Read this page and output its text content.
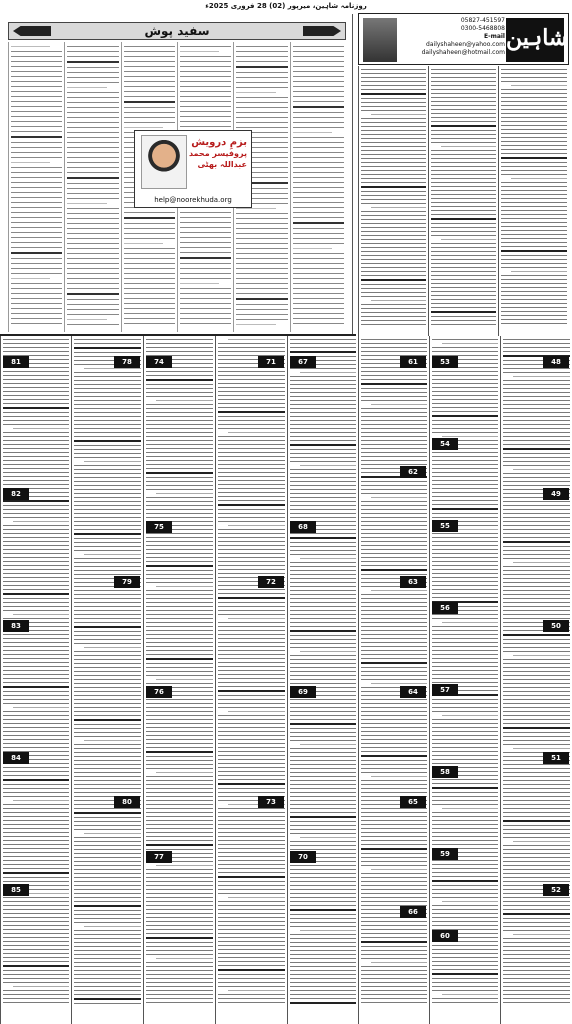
روزنامہ شاہین، میرپور (02) 28 فروری 2025ء
05827-451597
0300-5468808
E-mail
dailyshaheen@yahoo.com
dailyshaheen@hotmail.com
شاہین
سفید پوش
بزمِ درویش
پروفیسر محمد عبداللہ بھٹی
help@noorekhuda.org
81
82
83
84
85
78
79
80
74
75
76
77
71
72
73
67
68
69
70
61
62
63
64
65
66
53
54
55
56
57
58
59
60
48
49
50
51
52
